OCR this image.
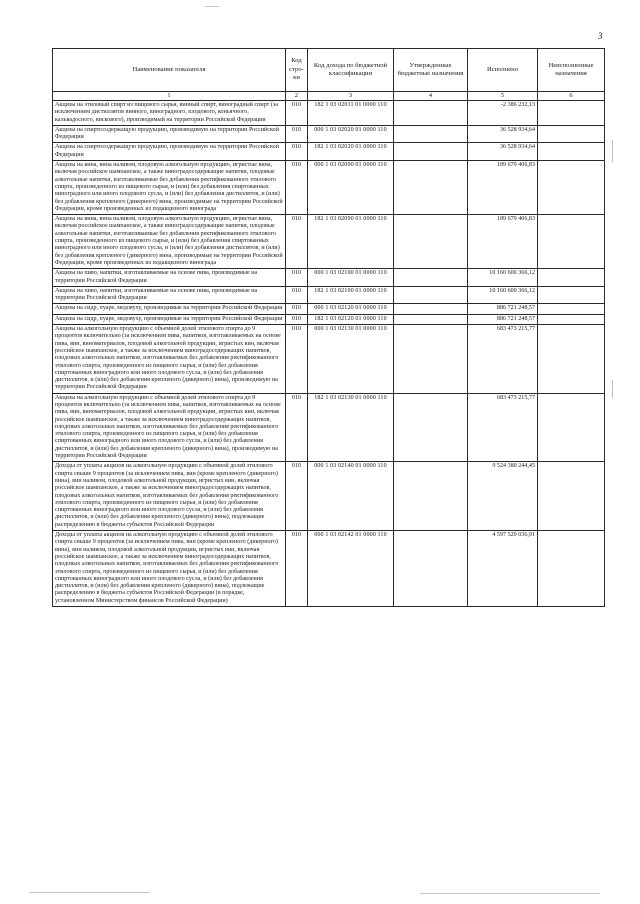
3
Наименование показателя	Код стро-ки	Код дохода по бюджетной классификации	Утвержденные бюджетные назначения	Исполнено	Неисполненные назначения
1	2	3	4	5	6
Акцизы на этиловый спирт из пищевого сырья, винный спирт, виноградный спирт (за исключением дистиллятов винного, виноградного, плодового, коньячного, кальвадосного, вискового), производимый на территории Российской Федерации	010	182 1 03 02011 01 0000 110		-2 386 232,13	
Акцизы на спиртосодержащую продукцию, производимую на территории Российской Федерации	010	000 1 03 02020 01 0000 110		36 528 934,64	
Акцизы на спиртосодержащую продукцию, производимую на территории Российской Федерации	010	182 1 03 02020 01 0000 110		36 528 934,64	
Акцизы на вина, вина наливом, плодовую алкогольную продукцию, игристые вина, включая российское шампанское, а также виноградосодержащие напитки, плодовые алкогольные напитки, изготавливаемые без добавления ректификованного этилового спирта, произведенного из пищевого сырья, и (или) без добавления спиртованных виноградного или иного плодового сусла, и (или) без добавления дистиллятов, и (или) без добавления крепленого (дикерного) вина, производимые на территории Российской Федерации, кроме произведенных из подакцизного винограда	010	000 1 03 02090 01 0000 110		189 679 406,83	.
Акцизы на вина, вина наливом, плодовую алкогольную продукцию, игристые вина, включая российское шампанское, а также виноградосодержащие напитки, плодовые алкогольные напитки, изготавливаемые без добавления ректификованного этилового спирта, произведенного из пищевого сырья, и (или) без добавления спиртованных виноградного или иного плодового сусла, и (или) без добавления дистиллятов, и (или) без добавления крепленого (дикерного) вина, производимые на территории Российской Федерации, кроме произведенных из подакцизного винограда	010	182 1 03 02090 01 0000 110		189 679 406,83	
Акцизы на пиво, напитки, изготавливаемые на основе пива, производимые на территории Российской Федерации	010	000 1 03 02100 01 0000 110		10 160 600 366,12	
Акцизы на пиво, напитки, изготавливаемые на основе пива, производимые на территории Российской Федерации	010	182 1 03 02100 01 0000 110		10 160 600 366,12	
Акцизы на сидр, пуаре, медовуху, производимые на территории Российской Федерации	010	000 1 03 02120 01 0000 110		886 721 248,57	
Акцизы на сидр, пуаре, медовуху, производимые на территории Российской Федерации	010	182 1 03 02120 01 0000 110		886 721 248,57	
Акцизы на алкогольную продукцию с объемной долей этилового спирта до 9 процентов включительно (за исключением пива, напитков, изготавливаемых на основе пива, вин, виноматериалов, плодовой алкогольной продукции, игристых вин, включая российское шампанское, а также за исключением виноградосодержащих напитков, плодовых алкогольных напитков, изготавливаемых без добавления ректификованного этилового спирта, произведенного из пищевого сырья, и (или) без добавления спиртованных виноградного или иного плодового сусла, и (или) без добавления дистиллятов, и (или) без добавления крепленого (дикерного) вина), производимую на территории Российской Федерации	010	000 1 03 02130 01 0000 110		683 473 215,77	
Акцизы на алкогольную продукцию с объемной долей этилового спирта до 9 процентов включительно (за исключением пива, напитков, изготавливаемых на основе пива, вин, виноматериалов, плодовой алкогольной продукции, игристых вин, включая российское шампанское, а также за исключением виноградосодержащих напитков, плодовых алкогольных напитков, изготавливаемых без добавления ректификованного этилового спирта, произведенного из пищевого сырья, и (или) без добавления спиртованных виноградного или иного плодового сусла, и (или) без добавления дистиллятов, и (или) без добавления крепленого (дикерного) вина), производимую на территории Российской Федерации	010	182 1 03 02130 01 0000 110		683 473 215,77	
Доходы от уплаты акцизов на алкогольную продукцию с объемной долей этилового спирта свыше 9 процентов (за исключением пива, вин (кроме крепленого (дикерного) вина), вин наливом, плодовой алкогольной продукции, игристых вин, включая российское шампанское, а также за исключением виноградосодержащих напитков, плодовых алкогольных напитков, изготавливаемых без добавления ректификованного этилового спирта, произведенного из пищевого сырья, и (или) без добавления спиртованных виноградного или иного плодового сусла, и (или) без добавления дистиллятов, и (или) без добавления крепленого (дикерного) вина), подлежащие распределению в бюджеты субъектов Российской Федерации	010	000 1 03 02140 01 0000 110		9 524 380 244,45	
Доходы от уплаты акцизов на алкогольную продукцию с объемной долей этилового спирта свыше 9 процентов (за исключением пива, вин (кроме крепленого (дикерного) вина), вин наливом, плодовой алкогольной продукции, игристых вин, включая российское шампанское, а также за исключением виноградосодержащих напитков, плодовых алкогольных напитков, изготавливаемых без добавления ректификованного этилового спирта, произведенного из пищевого сырья, и (или) без добавления спиртованных виноградного или иного плодового сусла, и (или) без добавления дистиллятов, и (или) без добавления крепленого (дикерного) вина), подлежащие распределению в бюджеты субъектов Российской Федерации (в порядке, установленном Министерством финансов Российской Федерации)	010	000 1 03 02142 01 0000 110		4 597 529 036,91	
